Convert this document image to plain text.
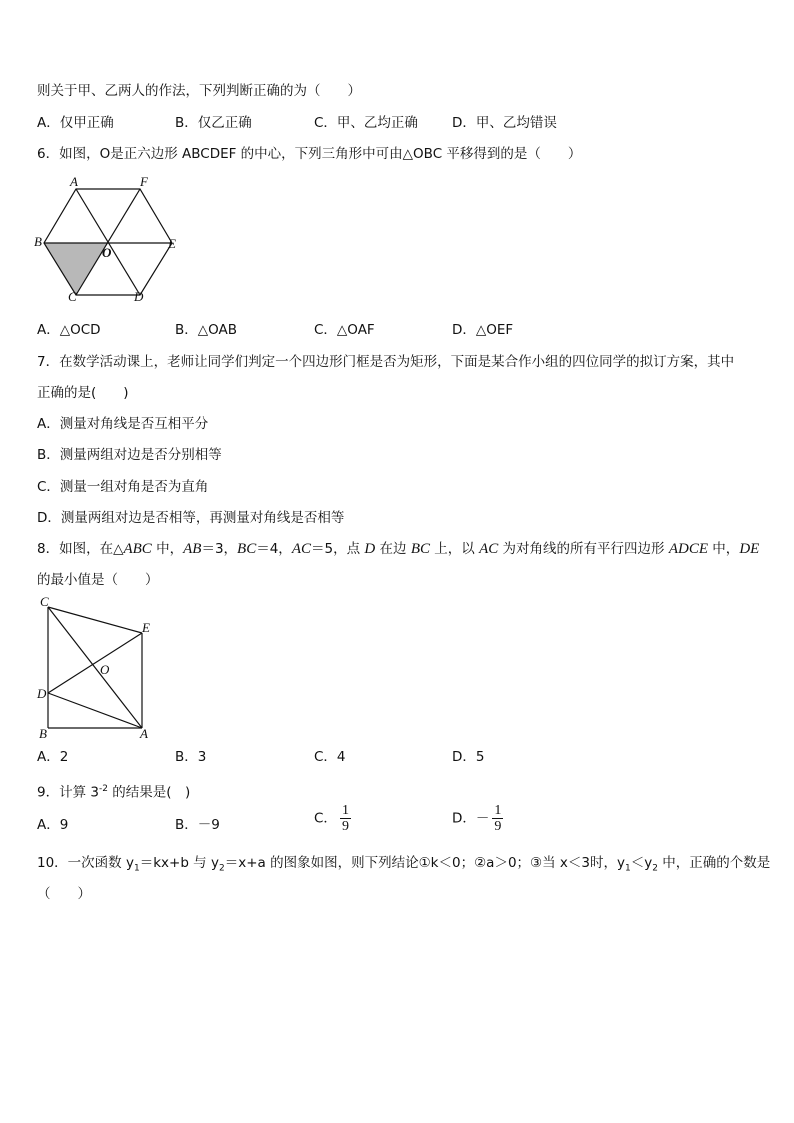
则关于甲、乙两人的作法，下列判断正确的为（　　）
A．仅甲正确	B．仅乙正确	C．甲、乙均正确	D．甲、乙均错误
6．如图，O是正六边形 ABCDEF 的中心，下列三角形中可由△OBC 平移得到的是（　　）
A	F
B
O
E
C	D
A．△OCD	B．△OAB	C．△OAF	D．△OEF
7．在数学活动课上，老师让同学们判定一个四边形门框是否为矩形，下面是某合作小组的四位同学的拟订方案，其中
正确的是(　　)
A．测量对角线是否互相平分
B．测量两组对边是否分别相等
C．测量一组对角是否为直角
D．测量两组对边是否相等，再测量对角线是否相等
8．如图，在△ABC 中，AB＝3，BC＝4，AC＝5，点 D 在边 BC 上，以 AC 为对角线的所有平行四边形 ADCE 中，DE
的最小值是（　　）
C
E
O
D
B	A
A．2	B．3	C．4	D．5
9．计算 $3^{-2}$ 的结果是(　)
A．9	B．－9	C． $\frac{1}{9}$	D．－ $\frac{1}{9}$
10．一次函数 $y_1=kx+b$ 与 $y_2=x+a$ 的图象如图，则下列结论①k＜0；②a＞0；③当 x＜3时，$y_1<y_2$ 中，正确的个数是
（　　）
